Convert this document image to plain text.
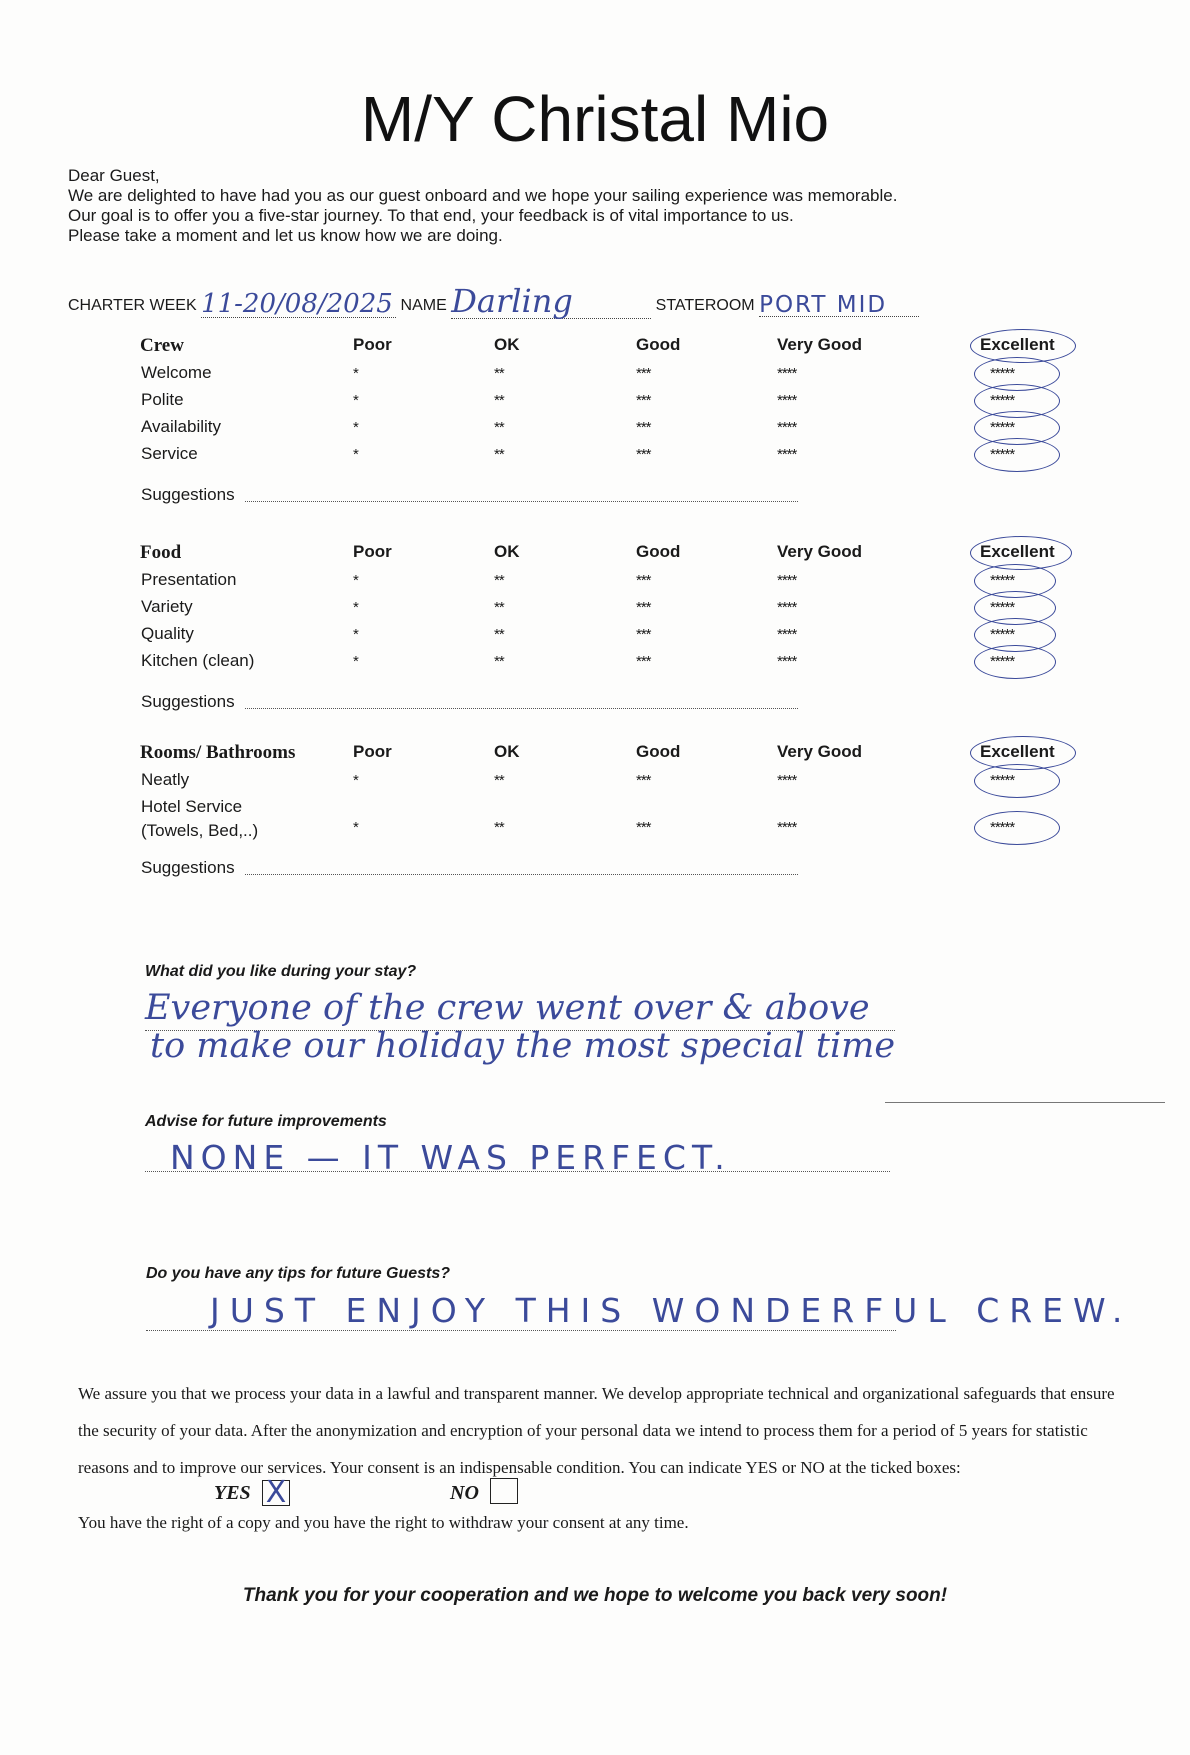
M/Y Christal Mio
Dear Guest,
We are delighted to have had you as our guest onboard and we hope your sailing experience was memorable.
Our goal is to offer you a five-star journey. To that end, your feedback is of vital importance to us.
Please take a moment and let us know how we are doing.
CHARTER WEEK 11-20/08/2025 NAME Darling	STATEROOM PORT MID
Crew	Poor	OK	Good	Very Good	Excellent
Welcome	*	**	***	****	*****
Polite	*	**	***	****	*****
Availability	*	**	***	****	*****
Service	*	**	***	****	*****
Suggestions
Food	Poor	OK	Good	Very Good	Excellent
Presentation	*	**	***	****	*****
Variety	*	**	***	****	*****
Quality	*	**	***	****	*****
Kitchen (clean)	*	**	***	****	*****
Suggestions
Rooms/ Bathrooms	Poor	OK	Good	Very Good	Excellent
Neatly	*	**	***	****	*****
Hotel Service
(Towels, Bed,..)	*	**	***	****	*****
Suggestions
What did you like during your stay?
Everyone of the crew went over & above
to make our holiday the most special time
Advise for future improvements
NONE — IT WAS PERFECT.
Do you have any tips for future Guests?
JUST ENJOY THIS WONDERFUL CREW.
We assure you that we process your data in a lawful and transparent manner. We develop appropriate technical and organizational safeguards that ensure the security of your data. After the anonymization and encryption of your personal data we intend to process them for a period of 5 years for statistic reasons and to improve our services. Your consent is an indispensable condition. You can indicate YES or NO at the ticked boxes:
YES X	NO
You have the right of a copy and you have the right to withdraw your consent at any time.
Thank you for your cooperation and we hope to welcome you back very soon!
